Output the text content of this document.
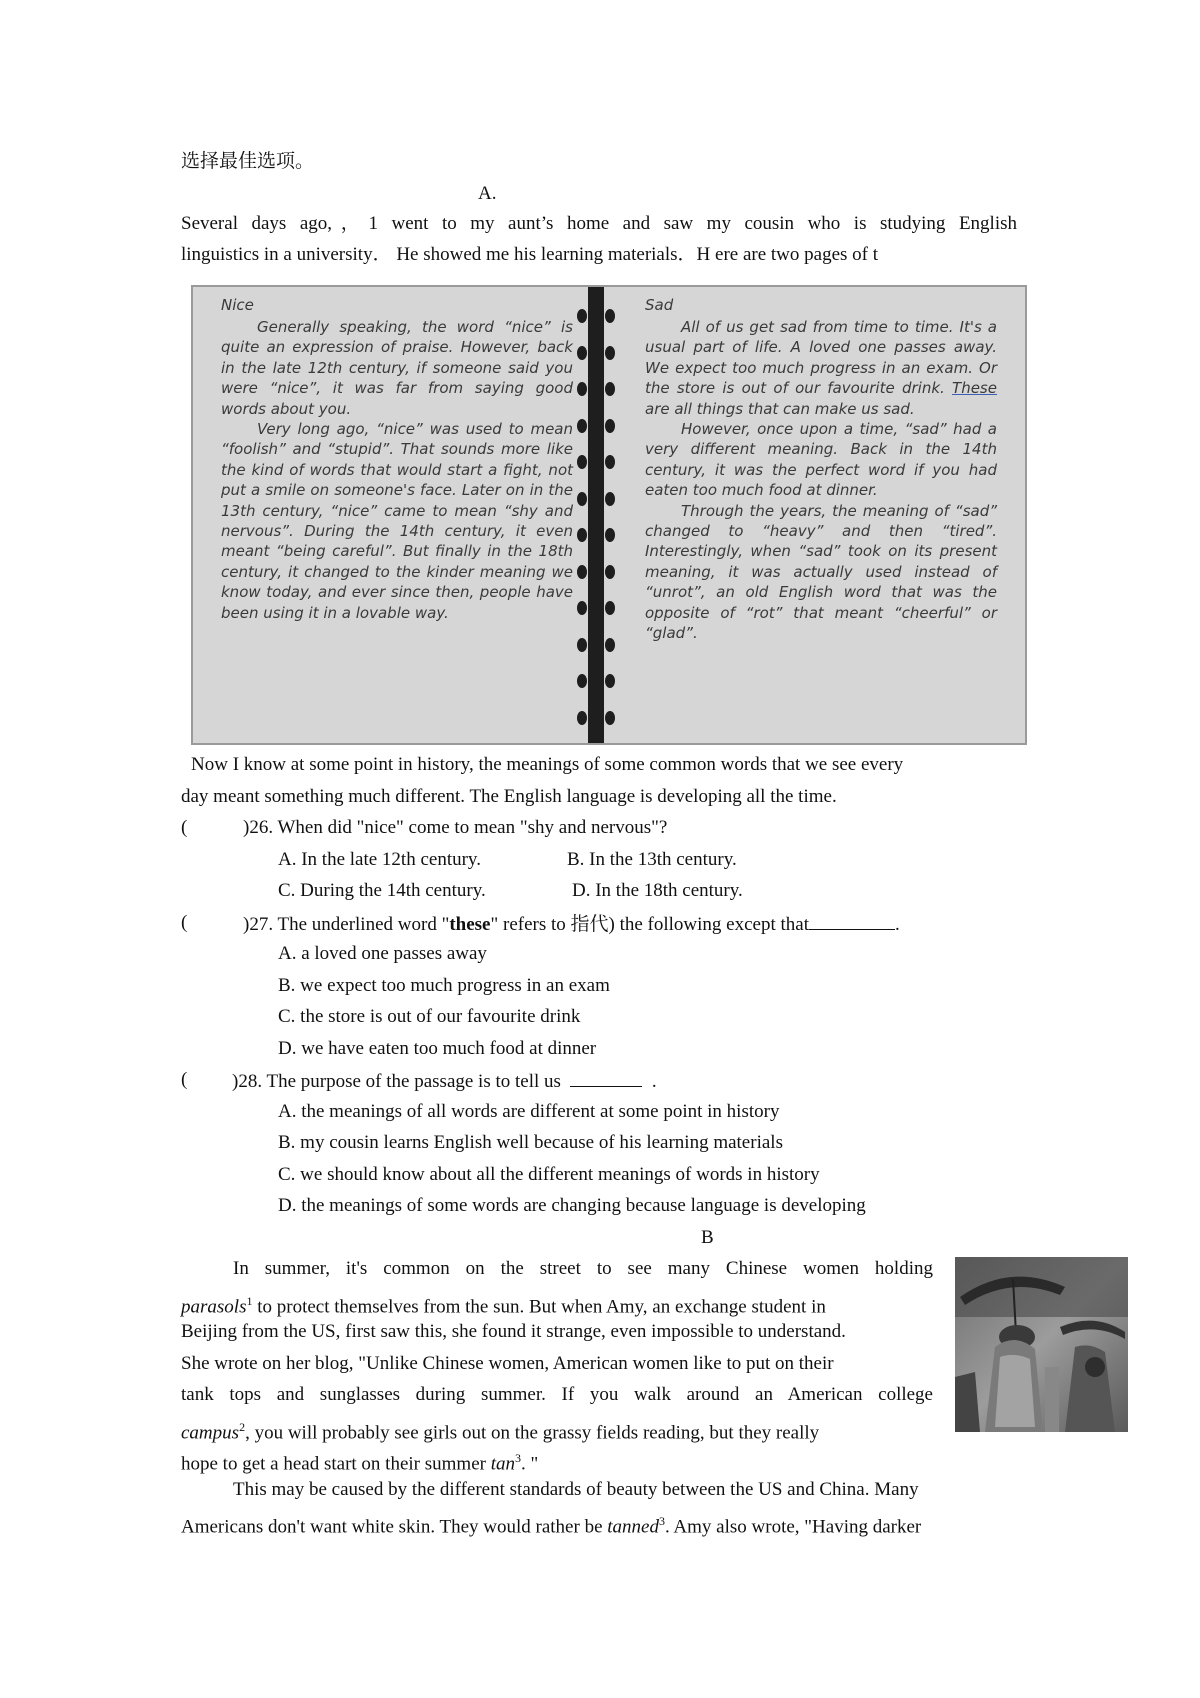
选择最佳选项。
A.
Several days ago,，1 went to my aunt’s home and saw my cousin who is studying English
linguistics in a university． He showed me his learning materials．H ere are two pages of t
Nice
Generally speaking, the word “nice” is quite an expression of praise. However, back in the late 12th century, if someone said you were “nice”, it was far from saying good words about you.
Very long ago, “nice” was used to mean “foolish” and “stupid”. That sounds more like the kind of words that would start a fight, not put a smile on someone's face. Later on in the 13th century, “nice” came to mean “shy and nervous”. During the 14th century, it even meant “being careful”. But finally in the 18th century, it changed to the kinder meaning we know today, and ever since then, people have been using it in a lovable way.
Sad
All of us get sad from time to time. It's a usual part of life. A loved one passes away. We expect too much progress in an exam. Or the store is out of our favourite drink. These are all things that can make us sad.
However, once upon a time, “sad” had a very different meaning. Back in the 14th century, it was the perfect word if you had eaten too much food at dinner.
Through the years, the meaning of “sad” changed to “heavy” and then “tired”. Interestingly, when “sad” took on its present meaning, it was actually used instead of “unrot”, an old English word that was the opposite of “rot” that meant “cheerful” or “glad”.
Now I know at some point in history, the meanings of some common words that we see every
day meant something much different. The English language is developing all the time.
(	)26. When did "nice" come to mean "shy and nervous"?
A. In the late 12th century.	B. In the 13th century.
C. During the 14th century.	D. In the 18th century.
(	)27. The underlined word "these" refers to 指代) the following except that	.
A. a loved one passes away
B. we expect too much progress in an exam
C. the store is out of our favourite drink
D. we have eaten too much food at dinner
( )28. The purpose of the passage is to tell us	.
A. the meanings of all words are different at some point in history
B. my cousin learns English well because of his learning materials
C. we should know about all the different meanings of words in history
D. the meanings of some words are changing because language is developing
B
In summer, it's common on the street to see many Chinese women holding
parasols$^1$ to protect themselves from the sun. But when Amy, an exchange student in
Beijing from the US, first saw this, she found it strange, even impossible to understand.
She wrote on her blog, "Unlike Chinese women, American women like to put on their
tank tops and sunglasses during summer. If you walk around an American college
campus$^2$, you will probably see girls out on the grassy fields reading, but they really
hope to get a head start on their summer $\tan^3$. "
This may be caused by the different standards of beauty between the US and China. Many
Americans don't want white skin. They would rather be tanned$^3$. Amy also wrote, "Having darker
